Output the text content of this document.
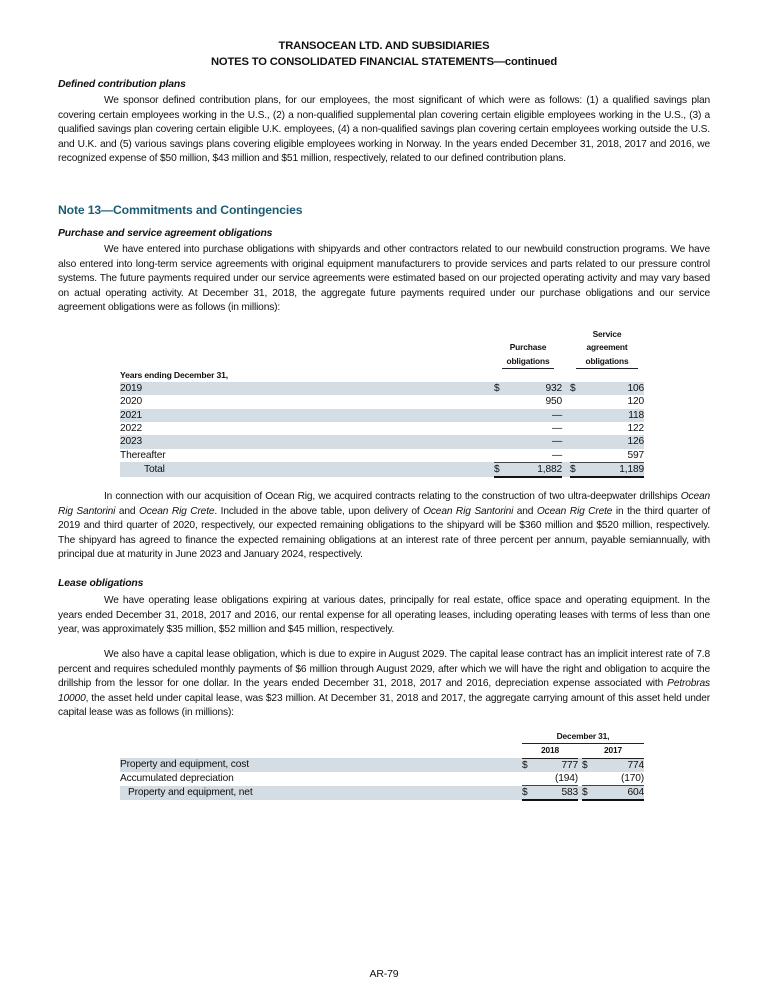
TRANSOCEAN LTD. AND SUBSIDIARIES
NOTES TO CONSOLIDATED FINANCIAL STATEMENTS—continued
Defined contribution plans
We sponsor defined contribution plans, for our employees, the most significant of which were as follows: (1) a qualified savings plan covering certain employees working in the U.S., (2) a non-qualified supplemental plan covering certain eligible employees working in the U.S., (3) a qualified savings plan covering certain eligible U.K. employees, (4) a non-qualified savings plan covering certain employees working outside the U.S. and U.K. and (5) various savings plans covering eligible employees working in Norway. In the years ended December 31, 2018, 2017 and 2016, we recognized expense of $50 million, $43 million and $51 million, respectively, related to our defined contribution plans.
Note 13—Commitments and Contingencies
Purchase and service agreement obligations
We have entered into purchase obligations with shipyards and other contractors related to our newbuild construction programs. We have also entered into long-term service agreements with original equipment manufacturers to provide services and parts related to our pressure control systems. The future payments required under our service agreements were estimated based on our projected operating activity and may vary based on actual operating activity. At December 31, 2018, the aggregate future payments required under our purchase obligations and our service agreement obligations were as follows (in millions):

Purchase
obligations		
Service
agreement
obligations
Years ending December 31,					
2019	$	932		$	106
2020		950			120
2021		—			118
2022		—			122
2023		—			126
Thereafter		—			597
Total	$	1,882		$	1,189
In connection with our acquisition of Ocean Rig, we acquired contracts relating to the construction of two ultra-deepwater drillships Ocean Rig Santorini and Ocean Rig Crete. Included in the above table, upon delivery of Ocean Rig Santorini and Ocean Rig Crete in the third quarter of 2019 and third quarter of 2020, respectively, our expected remaining obligations to the shipyard will be $360 million and $520 million, respectively. The shipyard has agreed to finance the expected remaining obligations at an interest rate of three percent per annum, payable semiannually, with principal due at maturity in June 2023 and January 2024, respectively.
Lease obligations
We have operating lease obligations expiring at various dates, principally for real estate, office space and operating equipment. In the years ended December 31, 2018, 2017 and 2016, our rental expense for all operating leases, including operating leases with terms of less than one year, was approximately $35 million, $52 million and $45 million, respectively.
We also have a capital lease obligation, which is due to expire in August 2029. The capital lease contract has an implicit interest rate of 7.8 percent and requires scheduled monthly payments of $6 million through August 2029, after which we will have the right and obligation to acquire the drillship from the lessor for one dollar. In the years ended December 31, 2018, 2017 and 2016, depreciation expense associated with Petrobras 10000, the asset held under capital lease, was $23 million. At December 31, 2018 and 2017, the aggregate carrying amount of this asset held under capital lease was as follows (in millions):
	December 31,				
	2018			2017	
Property and equipment, cost	$	777		$	774
Accumulated depreciation		(194)			(170)
Property and equipment, net	$	583		$	604
AR-79
